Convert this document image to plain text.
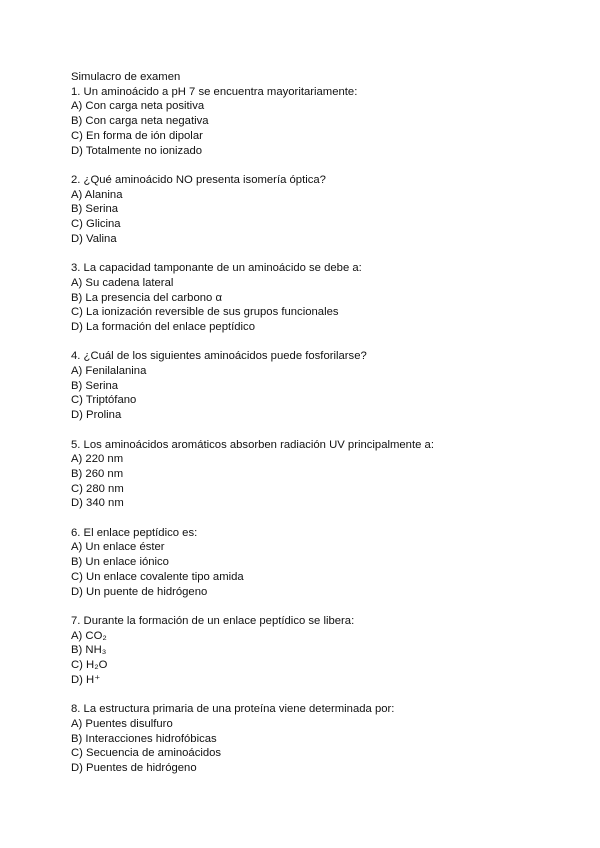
Simulacro de examen
1. Un aminoácido a pH 7 se encuentra mayoritariamente:
A) Con carga neta positiva
B) Con carga neta negativa
C) En forma de ión dipolar
D) Totalmente no ionizado
2. ¿Qué aminoácido NO presenta isomería óptica?
A) Alanina
B) Serina
C) Glicina
D) Valina
3. La capacidad tamponante de un aminoácido se debe a:
A) Su cadena lateral
B) La presencia del carbono α
C) La ionización reversible de sus grupos funcionales
D) La formación del enlace peptídico
4. ¿Cuál de los siguientes aminoácidos puede fosforilarse?
A) Fenilalanina
B) Serina
C) Triptófano
D) Prolina
5. Los aminoácidos aromáticos absorben radiación UV principalmente a:
A) 220 nm
B) 260 nm
C) 280 nm
D) 340 nm
6. El enlace peptídico es:
A) Un enlace éster
B) Un enlace iónico
C) Un enlace covalente tipo amida
D) Un puente de hidrógeno
7. Durante la formación de un enlace peptídico se libera:
A) CO₂
B) NH₃
C) H₂O
D) H⁺
8. La estructura primaria de una proteína viene determinada por:
A) Puentes disulfuro
B) Interacciones hidrofóbicas
C) Secuencia de aminoácidos
D) Puentes de hidrógeno
